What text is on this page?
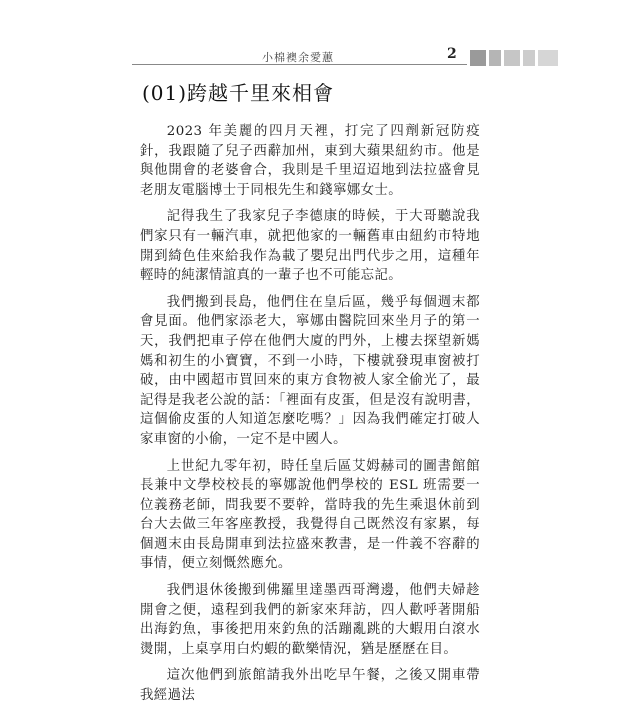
小棉襖余愛蕙	2
(01)跨越千里來相會

2023 年美麗的四月天裡，打完了四劑新冠防疫針，我跟隨了兒子西辭加州，東到大蘋果紐約市。他是與他開會的老婆會合，我則是千里迢迢地到法拉盛會見老朋友電腦博士于同根先生和錢寧娜女士。

記得我生了我家兒子李德康的時候，于大哥聽說我們家只有一輛汽車，就把他家的一輛舊車由紐約市特地開到綺色佳來給我作為載了嬰兒出門代步之用，這種年輕時的純潔情誼真的一輩子也不可能忘記。

我們搬到長島，他們住在皇后區，幾乎每個週末都會見面。他們家添老大，寧娜由醫院回來坐月子的第一天，我們把車子停在他們大廈的門外，上樓去探望新媽媽和初生的小寶寶，不到一小時，下樓就發現車窗被打破，由中國超市買回來的東方食物被人家全偷光了，最記得是我老公說的話：「裡面有皮蛋，但是沒有說明書，這個偷皮蛋的人知道怎麼吃嗎？」因為我們確定打破人家車窗的小偷，一定不是中國人。

上世紀九零年初，時任皇后區艾姆赫司的圖書館館長兼中文學校校長的寧娜說他們學校的 ESL 班需要一位義務老師，問我要不要幹，當時我的先生乘退休前到台大去做三年客座教授，我覺得自己既然沒有家累，每個週末由長島開車到法拉盛來教書，是一件義不容辭的事情，便立刻慨然應允。

我們退休後搬到佛羅里達墨西哥灣邊，他們夫婦趁開會之便，遠程到我們的新家來拜訪，四人歡呼著開船出海釣魚，事後把用來釣魚的活蹦亂跳的大蝦用白滾水燙開，上桌享用白灼蝦的歡樂情況，猶是歷歷在目。

這次他們到旅館請我外出吃早午餐，之後又開車帶我經過法
